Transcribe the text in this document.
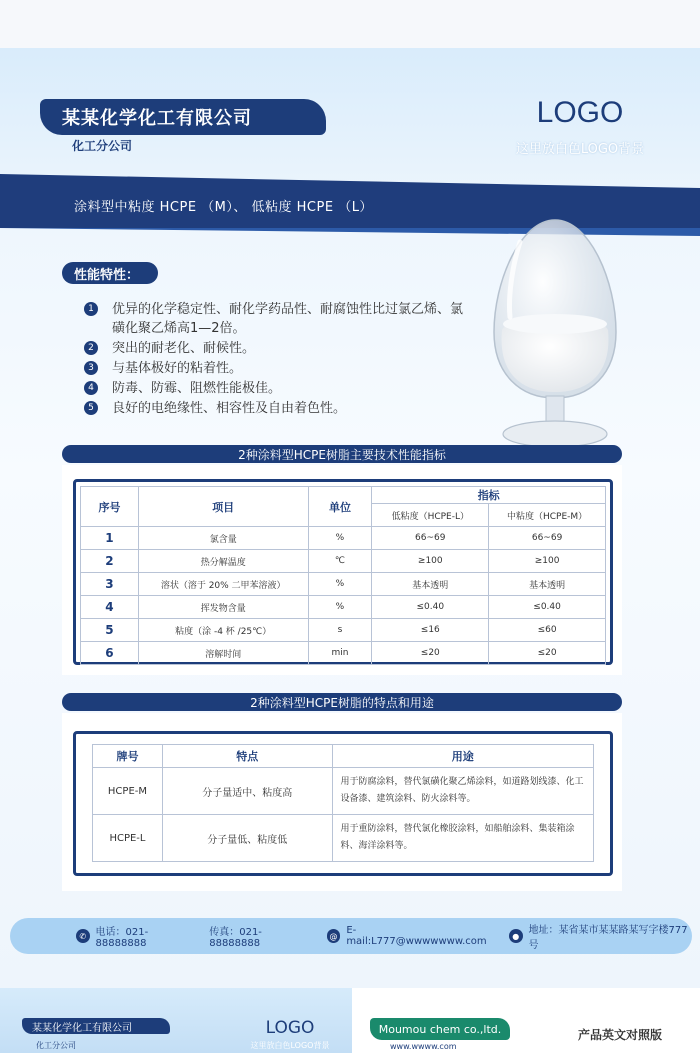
某某化学化工有限公司
化工分公司
LOGO
这里放白色LOGO背景
涂料型中粘度 HCPE （M）、 低粘度 HCPE （L）
性能特性：
1	优异的化学稳定性、耐化学药品性、耐腐蚀性比过氯乙烯、氯磺化聚乙烯高1—2倍。
2	突出的耐老化、耐候性。
3	与基体极好的粘着性。
4	防毒、防霉、阻燃性能极佳。
5	良好的电绝缘性、相容性及自由着色性。
2种涂料型HCPE树脂主要技术性能指标
序号	项目	单位	指标	
			低粘度（HCPE-L）	中粘度（HCPE-M）
1	氯含量	%	66~69	66~69
2	热分解温度	℃	≥100	≥100
3	溶状（溶于 20% 二甲苯溶液）	%	基本透明	基本透明
4	挥发物含量	%	≤0.40	≤0.40
5	粘度（涂 -4 杯 /25℃）	s	≤16	≤60
6	溶解时间	min	≤20	≤20
2种涂料型HCPE树脂的特点和用途
牌号	特点	用途
HCPE-M	分子量适中、粘度高	用于防腐涂料，替代氯磺化聚乙烯涂料，如道路划线漆、化工设备漆、建筑涂料、防火涂料等。
HCPE-L	分子量低、粘度低	用于重防涂料，替代氯化橡胶涂料，如船舶涂料、集装箱涂料、海洋涂料等。
✆ 电话：021-88888888
传真：021-88888888
@ E-mail:L777@wwwwwww.com	● 地址：某省某市某某路某写字楼777号
某某化学化工有限公司
化工分公司
LOGO
这里放白色LOGO背景
Moumou chem co.,ltd.
www.wwww.com
产品英文对照版
